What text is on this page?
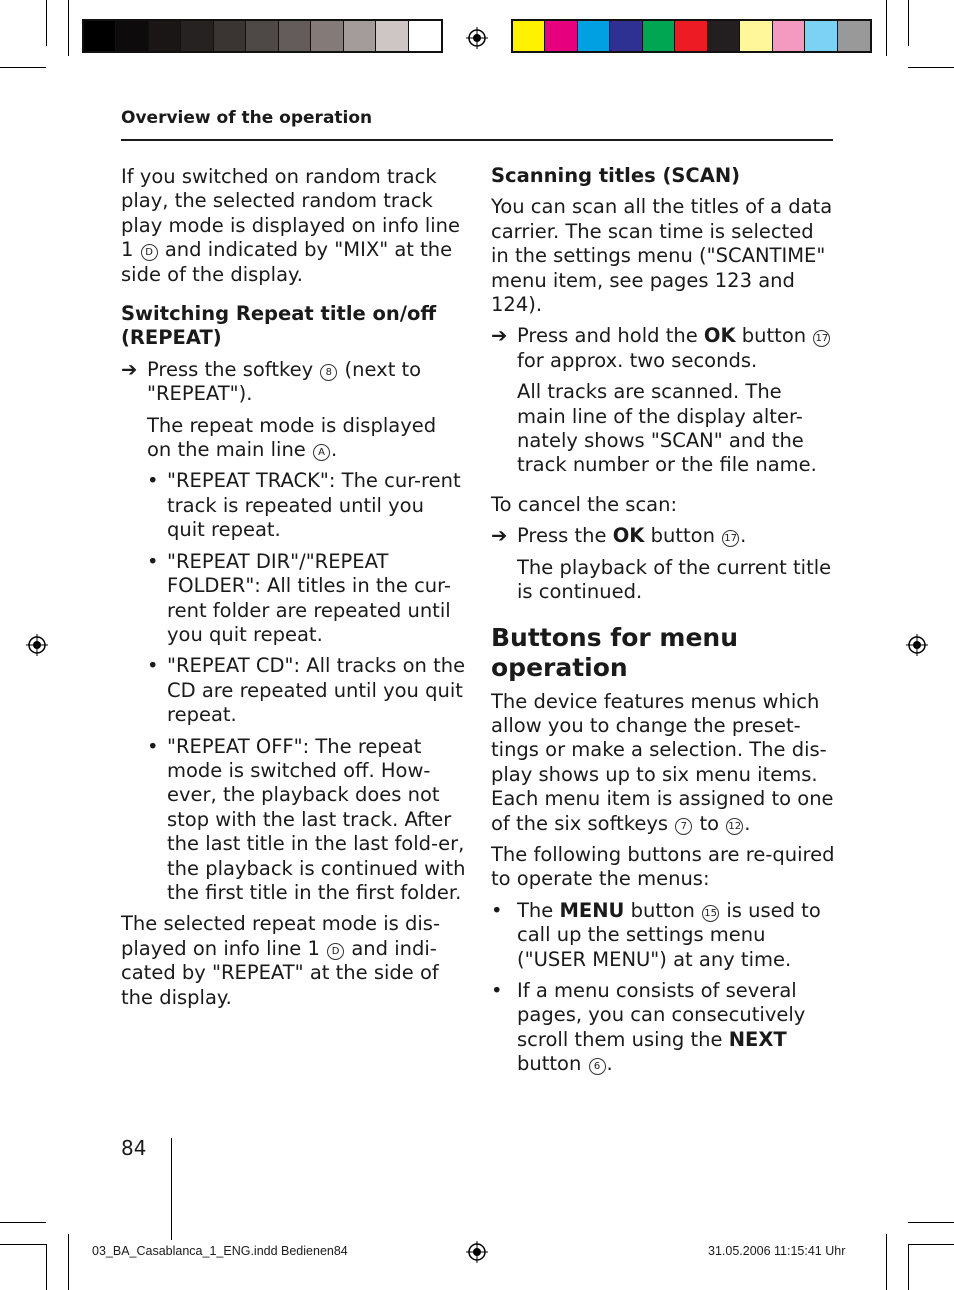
Overview of the operation

If you switched on random track play, the selected random track play mode is displayed on info line 1 D and indicated by "MIX" at the side of the display.

Switching Repeat title on/off (REPEAT)

➔ Press the softkey 8 (next to "REPEAT").

The repeat mode is displayed on the main line A .

• "REPEAT TRACK": The cur-rent track is repeated until you quit repeat.

• "REPEAT DIR"/"REPEAT FOLDER": All titles in the cur-rent folder are repeated until you quit repeat.

• "REPEAT CD": All tracks on the CD are repeated until you quit repeat.

• "REPEAT OFF": The repeat mode is switched off. How-ever, the playback does not stop with the last track. After the last title in the last fold-er, the playback is continued with the first title in the first folder.

The selected repeat mode is dis-played on info line 1 D and indi-cated by "REPEAT" at the side of the display.

Scanning titles (SCAN)

You can scan all the titles of a data carrier. The scan time is selected in the settings menu ("SCANTIME" menu item, see pages 123 and 124).

➔ Press and hold the OK button 17 for approx. two seconds.

All tracks are scanned. The main line of the display alter-nately shows "SCAN" and the track number or the file name.

To cancel the scan:

➔ Press the OK button 17 .

The playback of the current title is continued.

Buttons for menu operation

The device features menus which allow you to change the preset-tings or make a selection. The dis-play shows up to six menu items. Each menu item is assigned to one of the six softkeys 7 to 12 .

The following buttons are re-quired to operate the menus:

• The MENU button 15 is used to call up the settings menu ("USER MENU") at any time.

• If a menu consists of several pages, you can consecutively scroll them using the NEXT button 6 .

84
03_BA_Casablanca_1_ENG.indd Bedienen84	31.05.2006 11:15:41 Uhr
